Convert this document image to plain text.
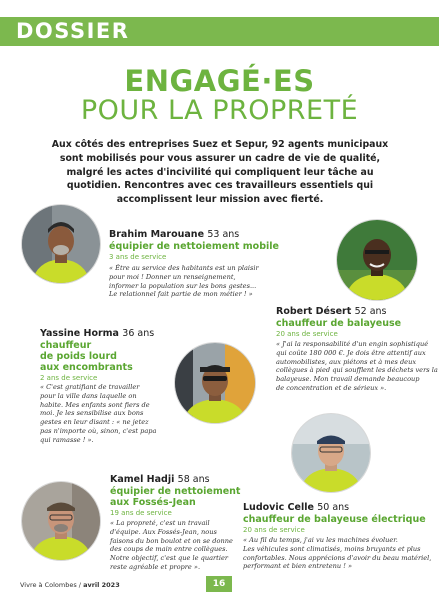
DOSSIER
ENGAGÉ·ES
POUR LA PROPRETÉ
Aux côtés des entreprises Suez et Sepur, 92 agents municipaux sont mobilisés pour vous assurer un cadre de vie de qualité, malgré les actes d'incivilité qui compliquent leur tâche au quotidien. Rencontres avec ces travailleurs essentiels qui accomplissent leur mission avec fierté.
Brahim Marouane 53 ans
équipier de nettoiement mobile
3 ans de service
« Être au service des habitants est un plaisir
pour moi ! Donner un renseignement,
informer la population sur les bons gestes...
Le relationnel fait partie de mon métier ! »
Robert Désert 52 ans
chauffeur de balayeuse
20 ans de service
« J'ai la responsabilité d'un engin sophistiqué
qui coûte 180 000 €. Je dois être attentif aux
automobilistes, aux piétons et à mes deux
collègues à pied qui soufflent les déchets vers la
balayeuse. Mon travail demande beaucoup
de concentration et de sérieux ».
Yassine Horma 36 ans
chauffeur
de poids lourd
aux encombrants
2 ans de service
« C'est gratifiant de travailler
pour la ville dans laquelle on
habite. Mes enfants sont fiers de
moi. Je les sensibilise aux bons
gestes en leur disant : « ne jetez
pas n'importe où, sinon, c'est papa
qui ramasse ! ».
Kamel Hadji 58 ans
équipier de nettoiement
aux Fossés-Jean
19 ans de service
« La propreté, c'est un travail
d'équipe. Aux Fossés-Jean, nous
faisons du bon boulot et on se donne
des coups de main entre collègues.
Notre objectif, c'est que le quartier
reste agréable et propre ».
Ludovic Celle 50 ans
chauffeur de balayeuse électrique
20 ans de service
« Au fil du temps, j'ai vu les machines évoluer.
Les véhicules sont climatisés, moins bruyants et plus
confortables. Nous apprécions d'avoir du beau matériel,
performant et bien entretenu ! »
Vivre à Colombes / avril 2023	16
